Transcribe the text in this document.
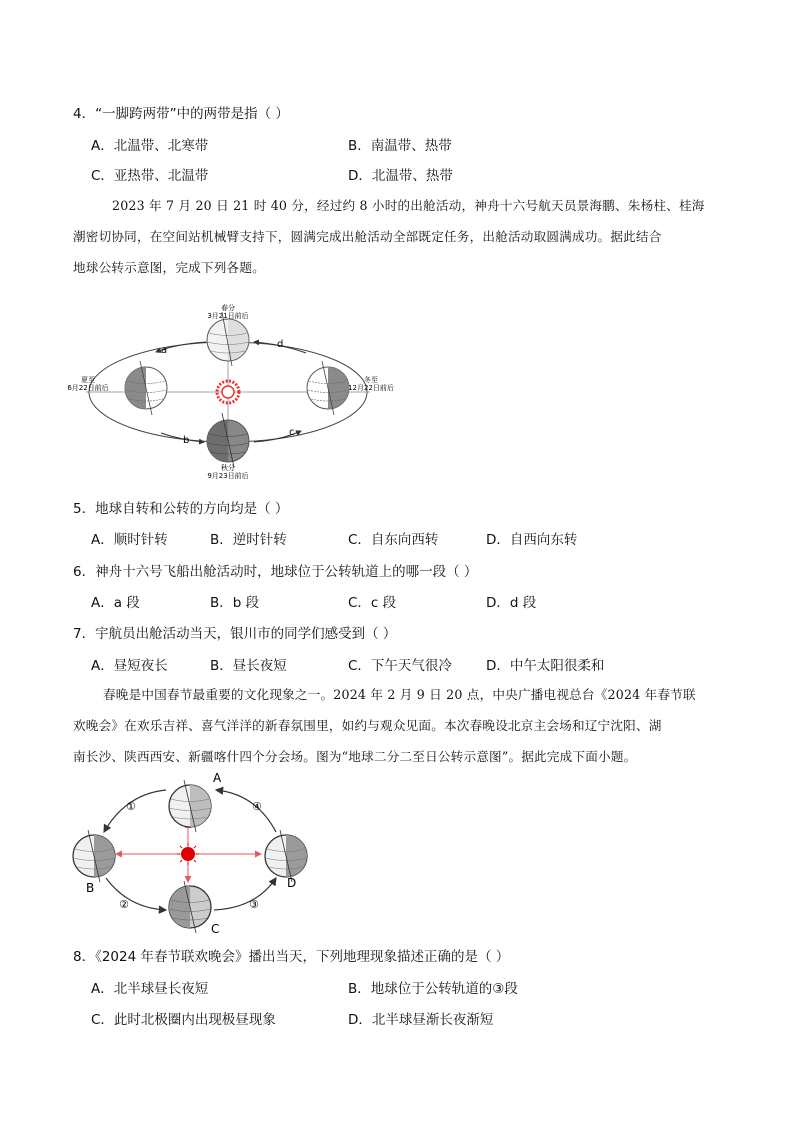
4．“一脚跨两带”中的两带是指（ ）
A．北温带、北寒带	B．南温带、热带
C．亚热带、北温带	D．北温带、热带
2023 年 7 月 20 日 21 时 40 分，经过约 8 小时的出舱活动，神舟十六号航天员景海鹏、朱杨柱、桂海
潮密切协同，在空间站机械臂支持下，圆满完成出舱活动全部既定任务，出舱活动取圆满成功。据此结合
地球公转示意图，完成下列各题。
a
b
c
d
春分
3月21日前后
夏至
6月22日前后
冬至
12月22日前后
秋分
9月23日前后
5．地球自转和公转的方向均是（ ）
A．顺时针转	B．逆时针转	C．自东向西转	D．自西向东转
6．神舟十六号飞船出舱活动时，地球位于公转轨道上的哪一段（ ）
A．a 段	B．b 段	C．c 段	D．d 段
7．宇航员出舱活动当天，银川市的同学们感受到（ ）
A．昼短夜长	B．昼长夜短	C．下午天气很冷	D．中午太阳很柔和
春晚是中国春节最重要的文化现象之一。2024 年 2 月 9 日 20 点，中央广播电视总台《2024 年春节联
欢晚会》在欢乐吉祥、喜气洋洋的新春氛围里，如约与观众见面。本次春晚设北京主会场和辽宁沈阳、湖
南长沙、陕西西安、新疆喀什四个分会场。图为“地球二分二至日公转示意图”。据此完成下面小题。
A
B
C
D
①
②	③
④
8．《2024 年春节联欢晚会》播出当天，下列地理现象描述正确的是（ ）
A．北半球昼长夜短	B．地球位于公转轨道的③段
C．此时北极圈内出现极昼现象	D．北半球昼渐长夜渐短
